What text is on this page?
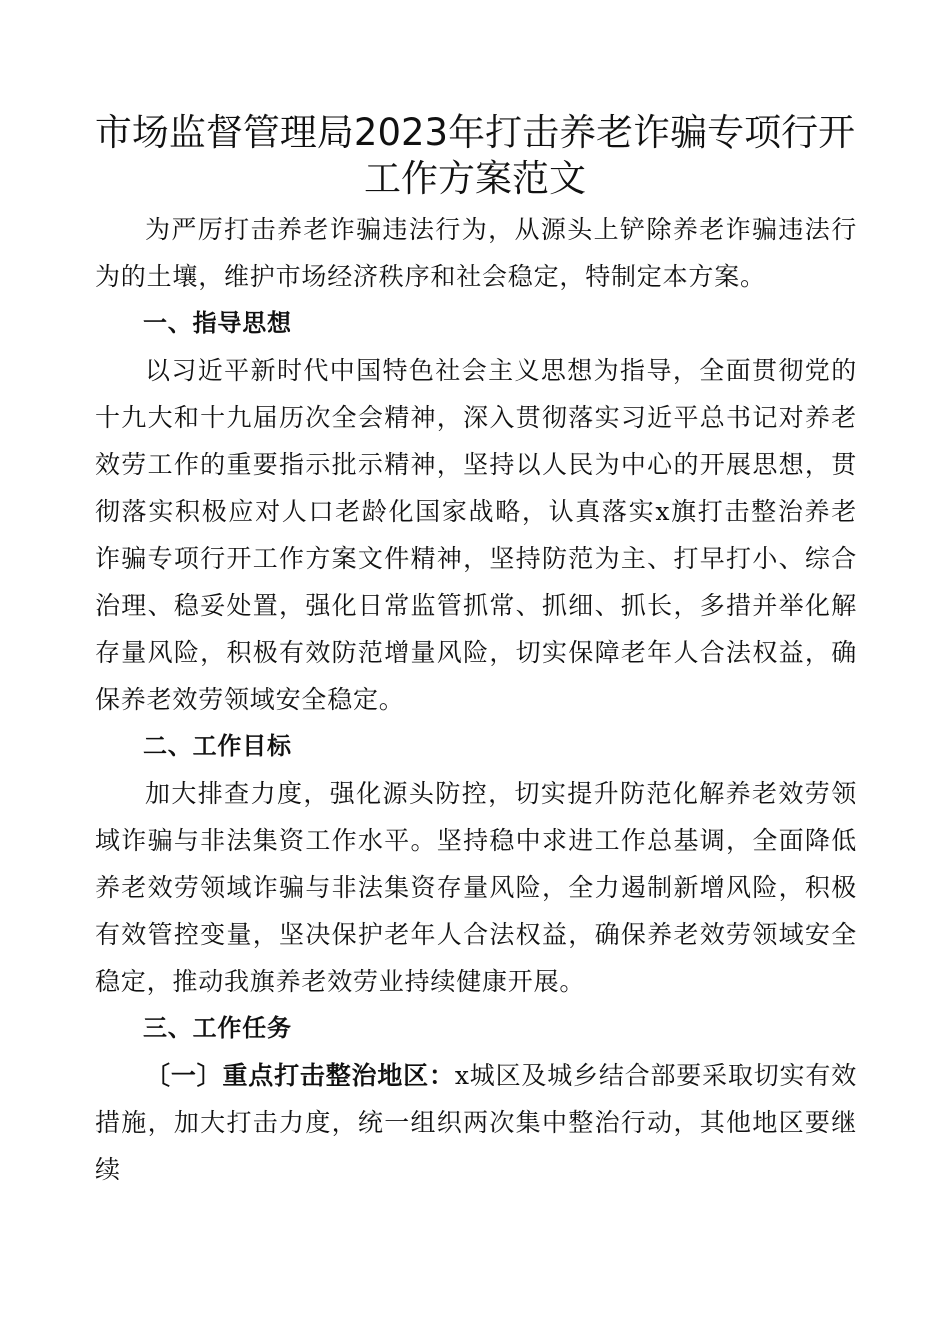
市场监督管理局2023年打击养老诈骗专项行开工作方案范文

为严厉打击养老诈骗违法行为，从源头上铲除养老诈骗违法行为的土壤，维护市场经济秩序和社会稳定，特制定本方案。

一、指导思想

以习近平新时代中国特色社会主义思想为指导，全面贯彻党的十九大和十九届历次全会精神，深入贯彻落实习近平总书记对养老效劳工作的重要指示批示精神，坚持以人民为中心的开展思想，贯彻落实积极应对人口老龄化国家战略，认真落实x旗打击整治养老诈骗专项行开工作方案文件精神，坚持防范为主、打早打小、综合治理、稳妥处置，强化日常监管抓常、抓细、抓长，多措并举化解存量风险，积极有效防范增量风险，切实保障老年人合法权益，确保养老效劳领域安全稳定。

二、工作目标

加大排查力度，强化源头防控，切实提升防范化解养老效劳领域诈骗与非法集资工作水平。坚持稳中求进工作总基调，全面降低养老效劳领域诈骗与非法集资存量风险，全力遏制新增风险，积极有效管控变量，坚决保护老年人合法权益，确保养老效劳领域安全稳定，推动我旗养老效劳业持续健康开展。

三、工作任务

〔一〕重点打击整治地区：x城区及城乡结合部要采取切实有效措施，加大打击力度，统一组织两次集中整治行动，其他地区要继续
